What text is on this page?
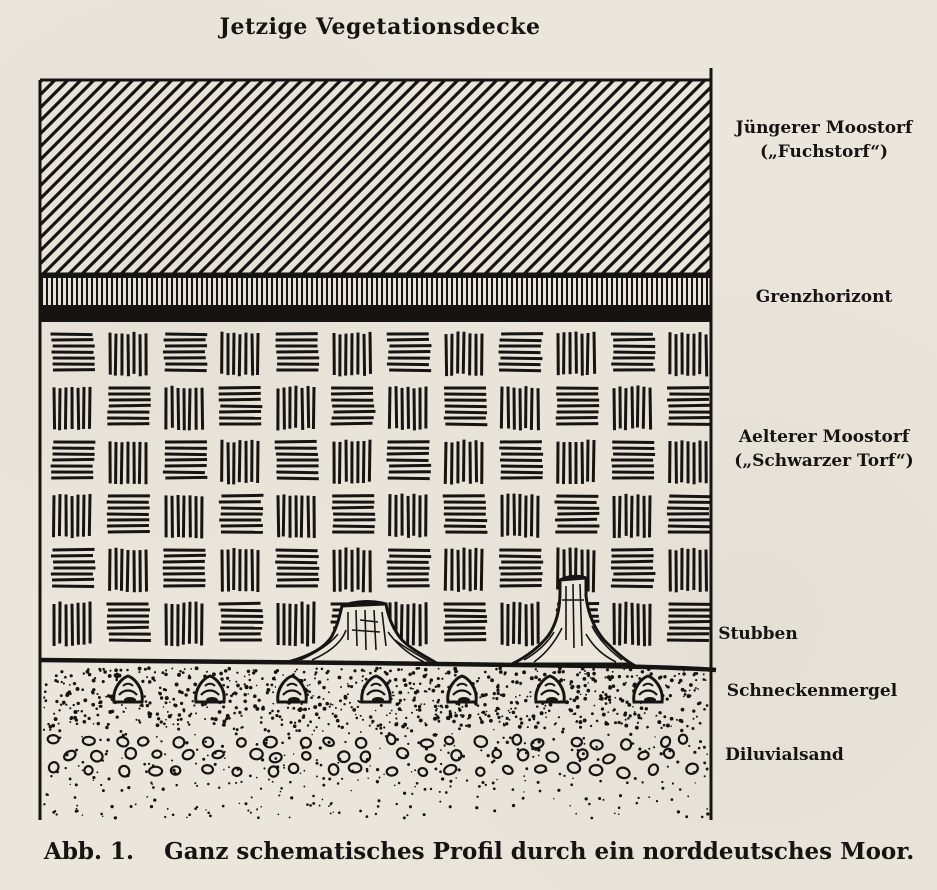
Jetzige Vegetationsdecke
Jüngerer Moostorf
(„Fuchstorf“)
Grenzhorizont
Aelterer Moostorf
(„Schwarzer Torf“)
Stubben
Schneckenmergel
Diluvialsand
Abb. 1. Ganz schematisches Profil durch ein norddeutsches Moor.
